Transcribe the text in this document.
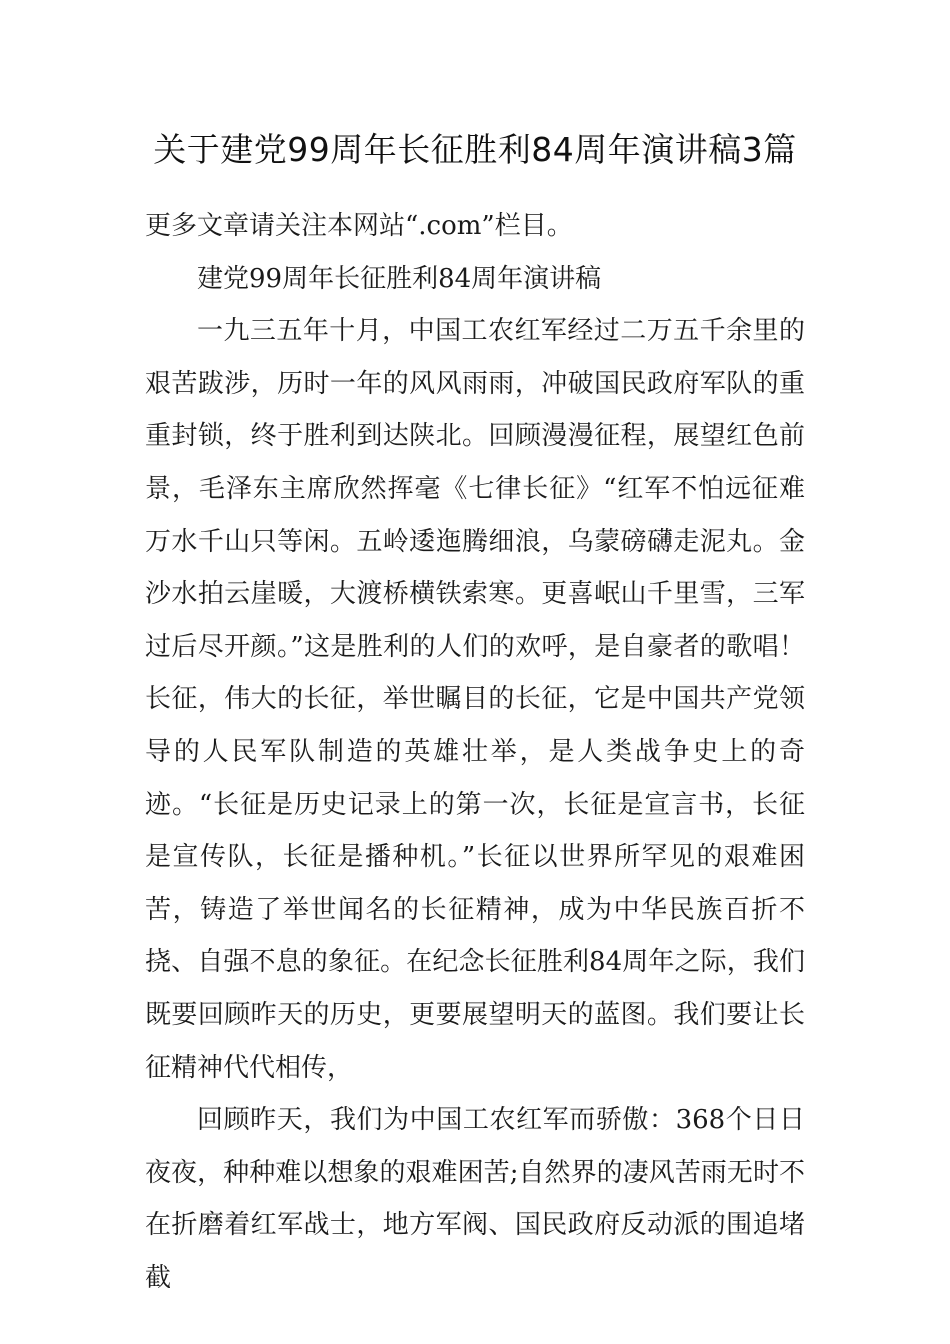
关于建党99周年长征胜利84周年演讲稿3篇

更多文章请关注本网站“.com”栏目。

建党99周年长征胜利84周年演讲稿

一九三五年十月，中国工农红军经过二万五千余里的艰苦跋涉，历时一年的风风雨雨，冲破国民政府军队的重重封锁，终于胜利到达陕北。回顾漫漫征程，展望红色前景，毛泽东主席欣然挥毫《七律长征》“红军不怕远征难万水千山只等闲。五岭逶迤腾细浪，乌蒙磅礴走泥丸。金沙水拍云崖暖，大渡桥横铁索寒。更喜岷山千里雪，三军过后尽开颜。”这是胜利的人们的欢呼，是自豪者的歌唱！长征，伟大的长征，举世瞩目的长征，它是中国共产党领导的人民军队制造的英雄壮举，是人类战争史上的奇迹。“长征是历史记录上的第一次，长征是宣言书，长征是宣传队，长征是播种机。”长征以世界所罕见的艰难困苦，铸造了举世闻名的长征精神，成为中华民族百折不挠、自强不息的象征。在纪念长征胜利84周年之际，我们既要回顾昨天的历史，更要展望明天的蓝图。我们要让长征精神代代相传，

回顾昨天，我们为中国工农红军而骄傲：368个日日夜夜，种种难以想象的艰难困苦;自然界的凄风苦雨无时不在折磨着红军战士，地方军阀、国民政府反动派的围追堵截
